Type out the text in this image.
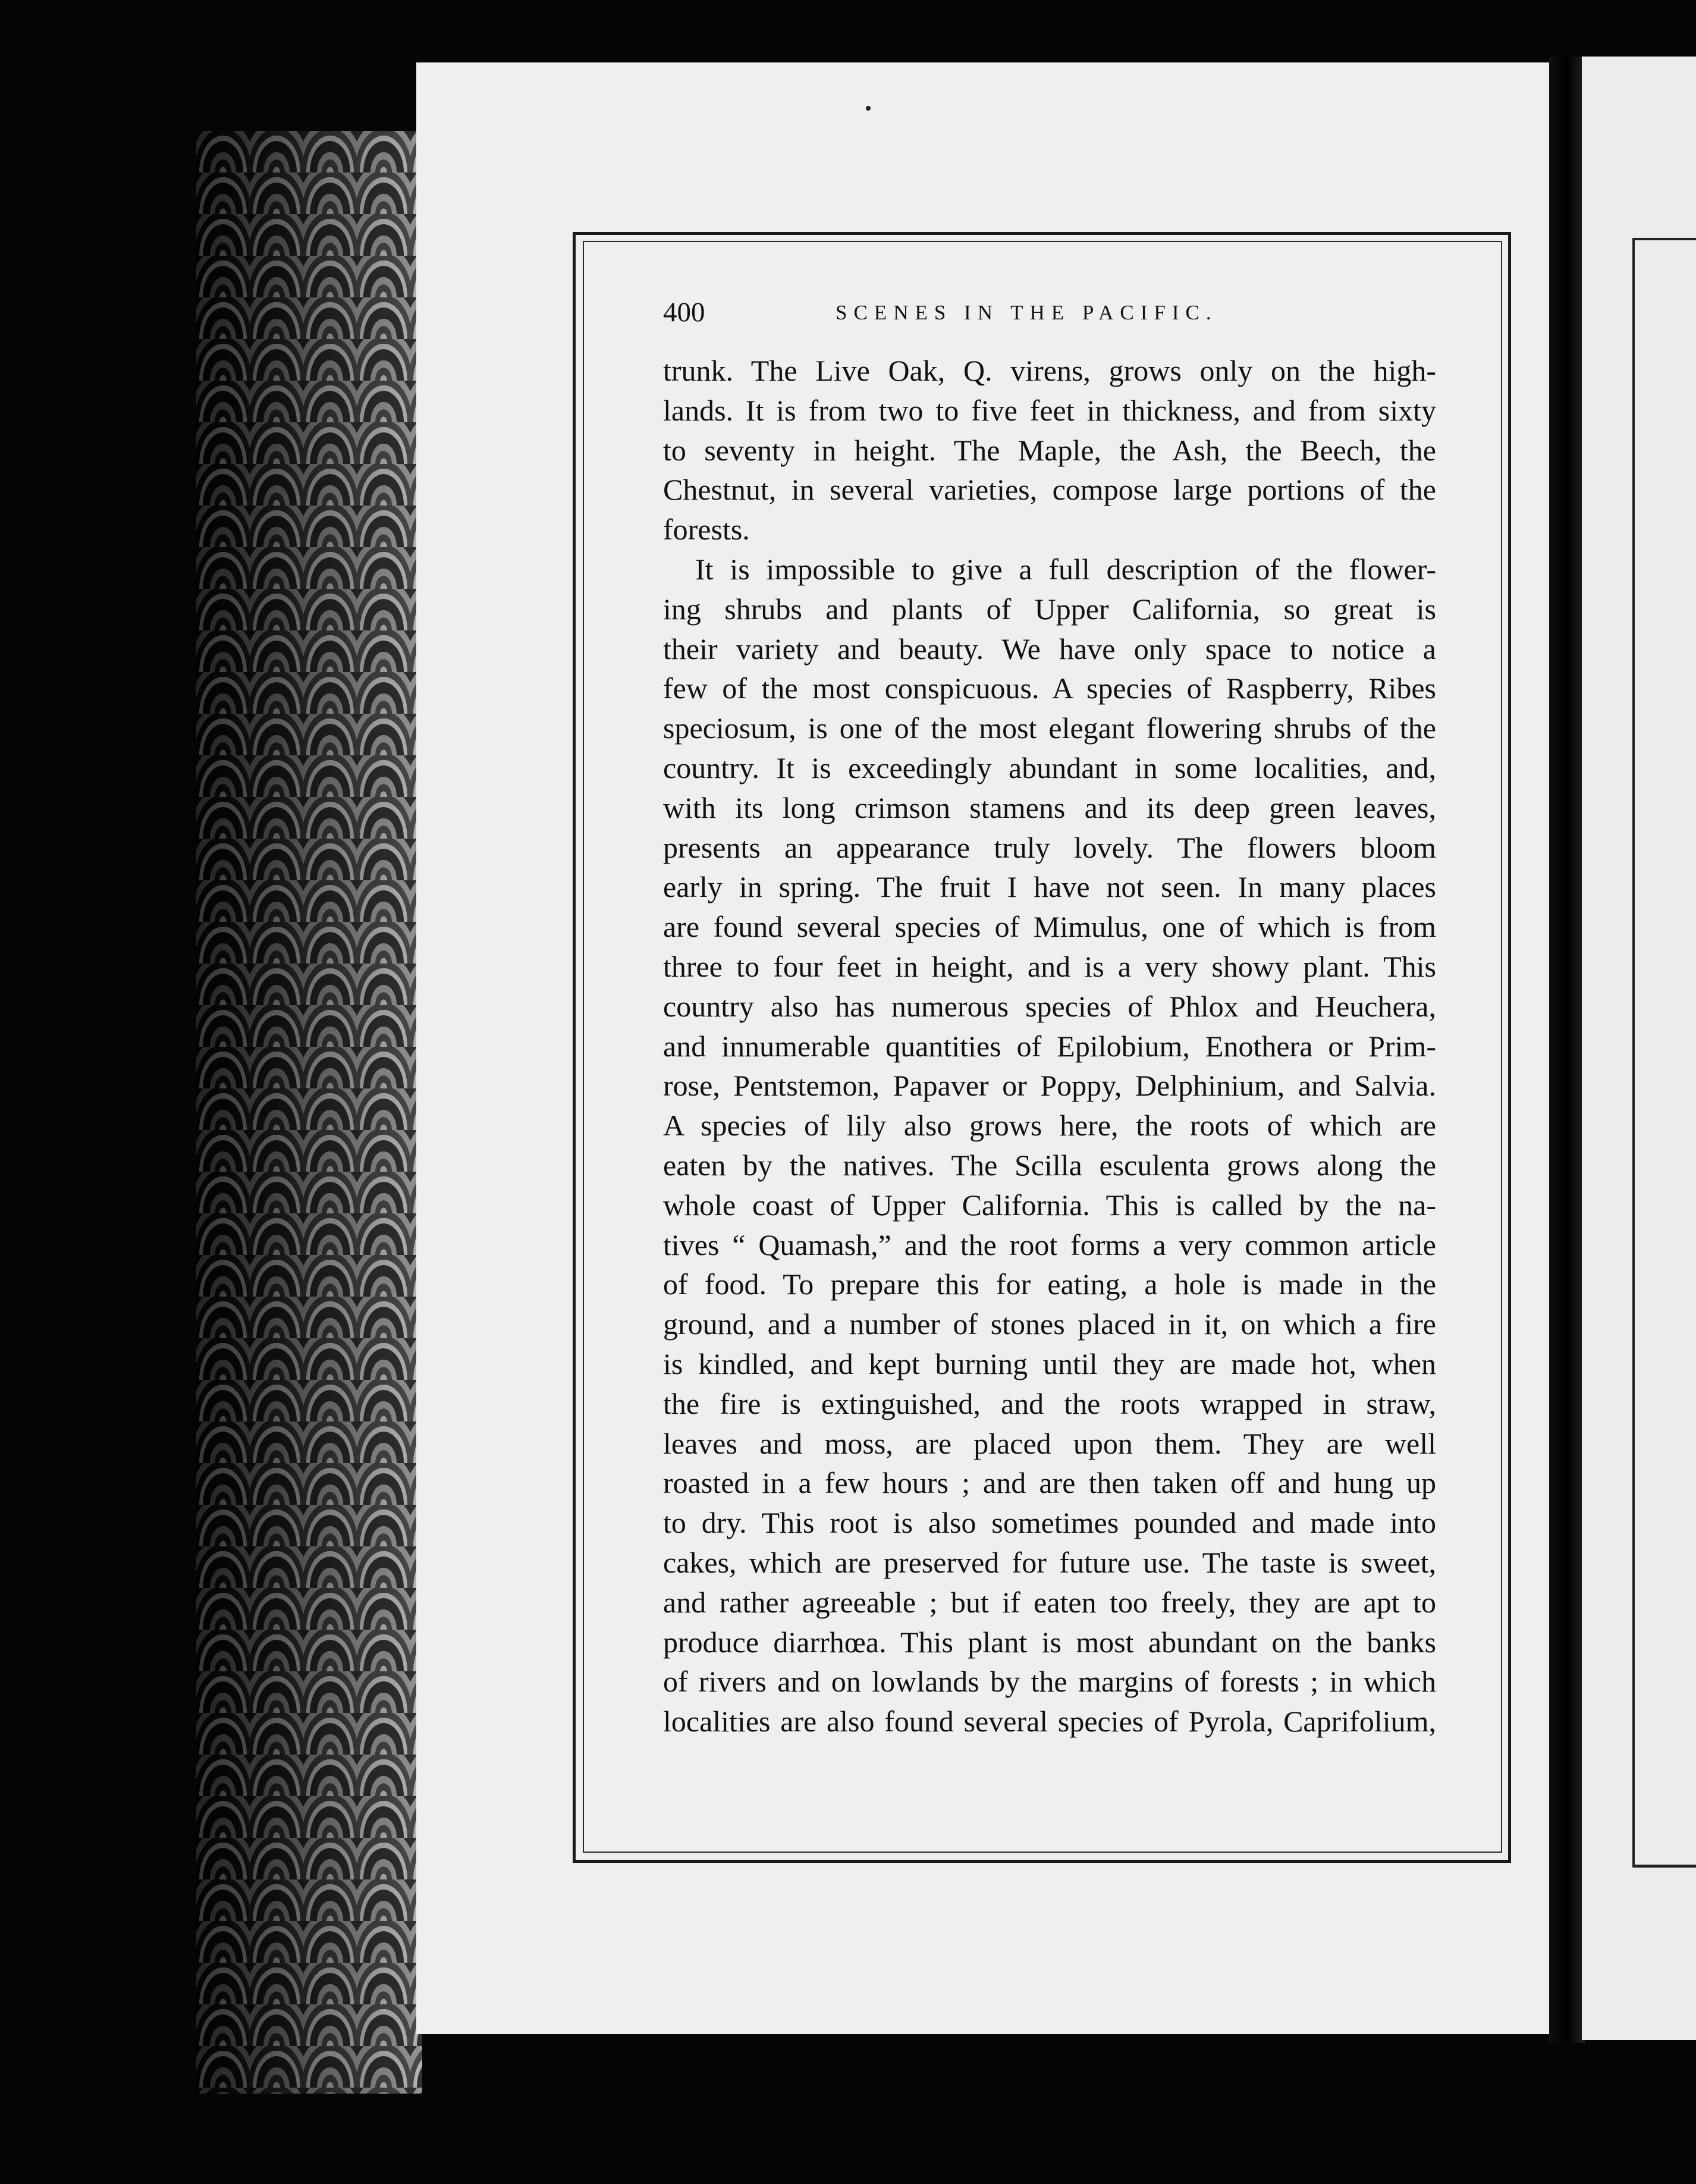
400	SCENES IN THE PACIFIC.
trunk. The Live Oak, Q. virens, grows only on the high-
lands. It is from two to five feet in thickness, and from sixty
to seventy in height. The Maple, the Ash, the Beech, the
Chestnut, in several varieties, compose large portions of the
forests.
It is impossible to give a full description of the flower-
ing shrubs and plants of Upper California, so great is
their variety and beauty. We have only space to notice a
few of the most conspicuous. A species of Raspberry, Ribes
speciosum, is one of the most elegant flowering shrubs of the
country. It is exceedingly abundant in some localities, and,
with its long crimson stamens and its deep green leaves,
presents an appearance truly lovely. The flowers bloom
early in spring. The fruit I have not seen. In many places
are found several species of Mimulus, one of which is from
three to four feet in height, and is a very showy plant. This
country also has numerous species of Phlox and Heuchera,
and innumerable quantities of Epilobium, Enothera or Prim-
rose, Pentstemon, Papaver or Poppy, Delphinium, and Salvia.
A species of lily also grows here, the roots of which are
eaten by the natives. The Scilla esculenta grows along the
whole coast of Upper California. This is called by the na-
tives “ Quamash,” and the root forms a very common article
of food. To prepare this for eating, a hole is made in the
ground, and a number of stones placed in it, on which a fire
is kindled, and kept burning until they are made hot, when
the fire is extinguished, and the roots wrapped in straw,
leaves and moss, are placed upon them. They are well
roasted in a few hours ; and are then taken off and hung up
to dry. This root is also sometimes pounded and made into
cakes, which are preserved for future use. The taste is sweet,
and rather agreeable ; but if eaten too freely, they are apt to
produce diarrhœa. This plant is most abundant on the banks
of rivers and on lowlands by the margins of forests ; in which
localities are also found several species of Pyrola, Caprifolium,
